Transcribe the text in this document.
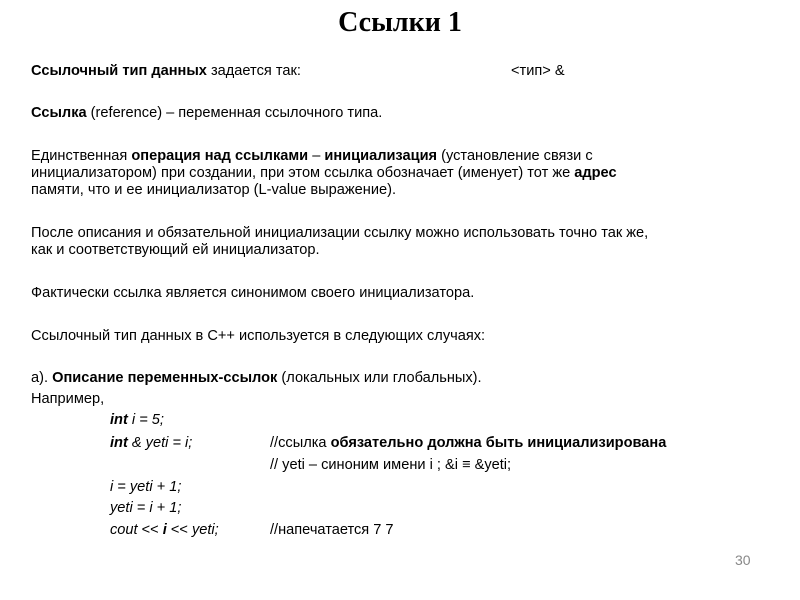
Ссылки 1
Ссылочный тип данных задается так:	<тип> &
Ссылка (reference) – переменная ссылочного типа.
Единственная операция над ссылками – инициализация (установление связи с
инициализатором) при создании, при этом ссылка обозначает (именует) тот же адрес
памяти, что и ее инициализатор (L-value выражение).
После описания и обязательной инициализации ссылку можно использовать точно так же,
как и соответствующий ей инициализатор.
Фактически ссылка является синонимом своего инициализатора.
Ссылочный тип данных в С++ используется в следующих случаях:
а). Описание переменных-ссылок (локальных или глобальных).
Например,
int i = 5;
int & yeti = i;	//ссылка обязательно должна быть инициализирована
// yeti – синоним имени i ; &i ≡ &yeti;
i = yeti + 1;
yeti = i + 1;
cout << i << yeti;	//напечатается 7 7
30
